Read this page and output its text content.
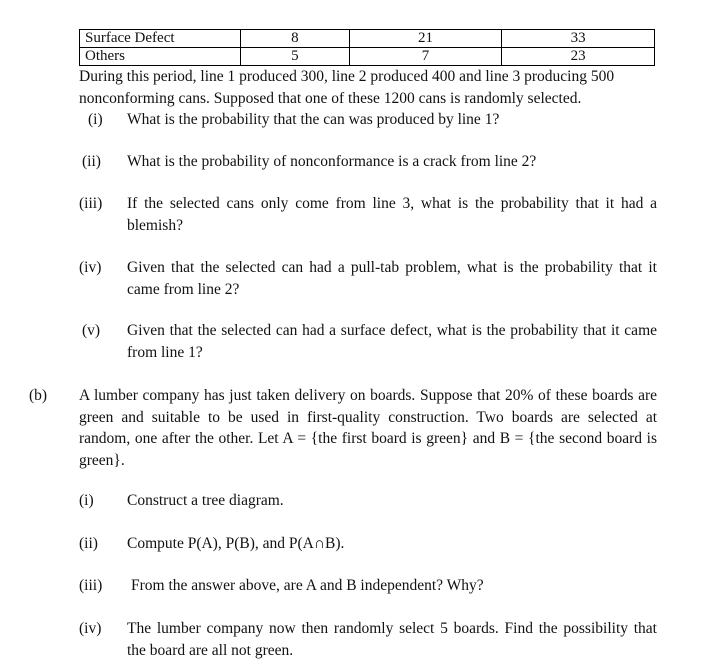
Surface Defect	8	21	33
Others	5	7	23
During this period, line 1 produced 300, line 2 produced 400 and line 3 producing 500
nonconforming cans. Supposed that one of these 1200 cans is randomly selected.
(i) What is the probability that the can was produced by line 1?
(ii) What is the probability of nonconformance is a crack from line 2?
(iii) If the selected cans only come from line 3, what is the probability that it had a blemish?
(iv) Given that the selected can had a pull-tab problem, what is the probability that it came from line 2?
(v) Given that the selected can had a surface defect, what is the probability that it came from line 1?
(b) A lumber company has just taken delivery on boards. Suppose that 20% of these boards are green and suitable to be used in first-quality construction. Two boards are selected at random, one after the other. Let A = {the first board is green} and B = {the second board is green}.
(i) Construct a tree diagram.
(ii) Compute P(A), P(B), and P(A∩B).
(iii) From the answer above, are A and B independent? Why?
(iv) The lumber company now then randomly select 5 boards. Find the possibility that the board are all not green.
